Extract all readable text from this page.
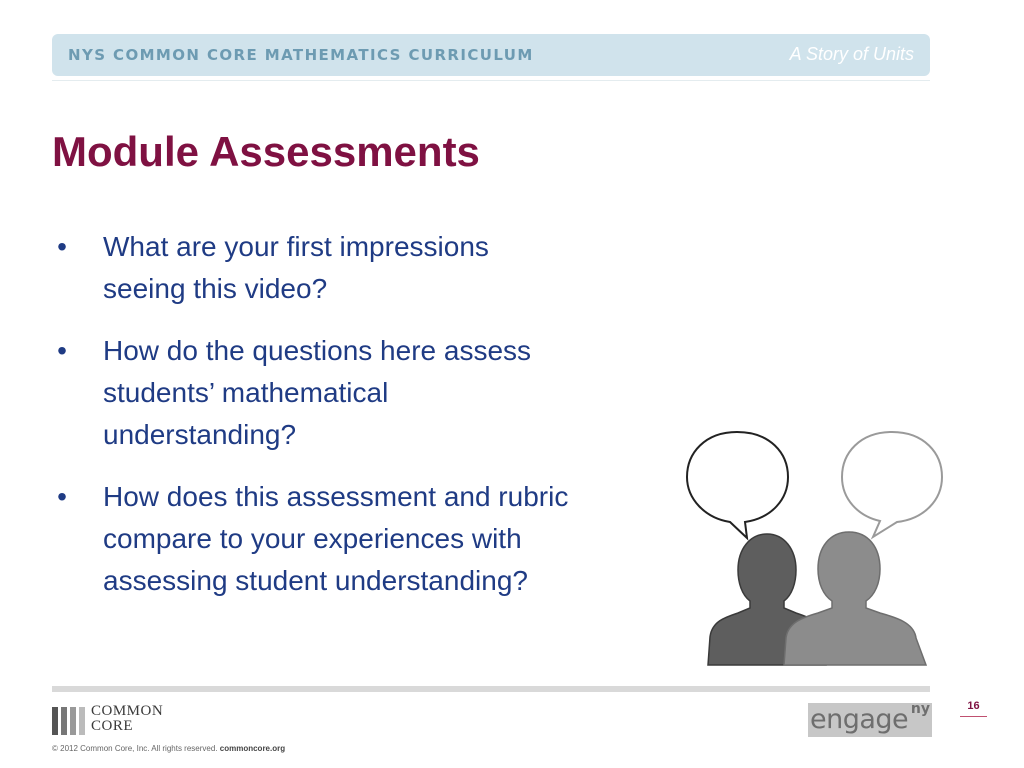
NYS COMMON CORE MATHEMATICS CURRICULUM	A Story of Units
Module Assessments
• What are your first impressions
seeing this video?
• How do the questions here assess
students’ mathematical
understanding?
• How does this assessment and rubric
compare to your experiences with
assessing student understanding?
COMMON
CORE
© 2012 Common Core, Inc. All rights reserved. commoncore.org
engage ny	16
